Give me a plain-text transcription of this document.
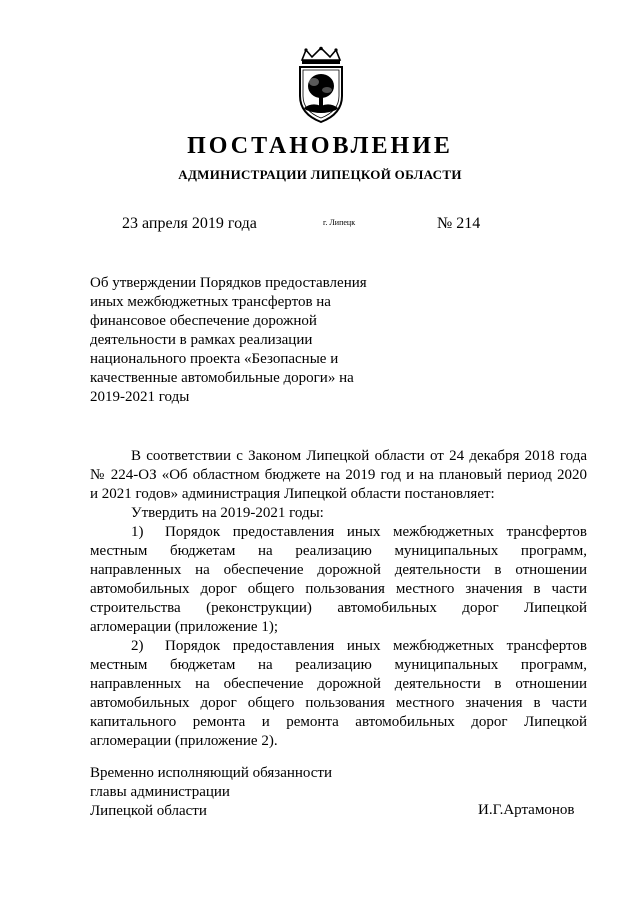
ПОСТАНОВЛЕНИЕ
АДМИНИСТРАЦИИ ЛИПЕЦКОЙ ОБЛАСТИ
23 апреля 2019 года	г. Липецк	№ 214
Об утверждении Порядков предоставления
иных межбюджетных трансфертов на
финансовое обеспечение дорожной
деятельности в рамках реализации
национального проекта «Безопасные и
качественные автомобильные дороги» на
2019-2021 годы
В соответствии с Законом Липецкой области от 24 декабря 2018 года
№ 224-ОЗ «Об областном бюджете на 2019 год и на плановый период 2020
и 2021 годов» администрация Липецкой области постановляет:
Утвердить на 2019-2021 годы:
1) Порядок предоставления иных межбюджетных трансфертов
местным бюджетам на реализацию муниципальных программ,
направленных на обеспечение дорожной деятельности в отношении
автомобильных дорог общего пользования местного значения в части
строительства (реконструкции) автомобильных дорог Липецкой
агломерации (приложение 1);
2) Порядок предоставления иных межбюджетных трансфертов
местным бюджетам на реализацию муниципальных программ,
направленных на обеспечение дорожной деятельности в отношении
автомобильных дорог общего пользования местного значения в части
капитального ремонта и ремонта автомобильных дорог Липецкой
агломерации (приложение 2).
Временно исполняющий обязанности
главы администрации
Липецкой области	И.Г.Артамонов
